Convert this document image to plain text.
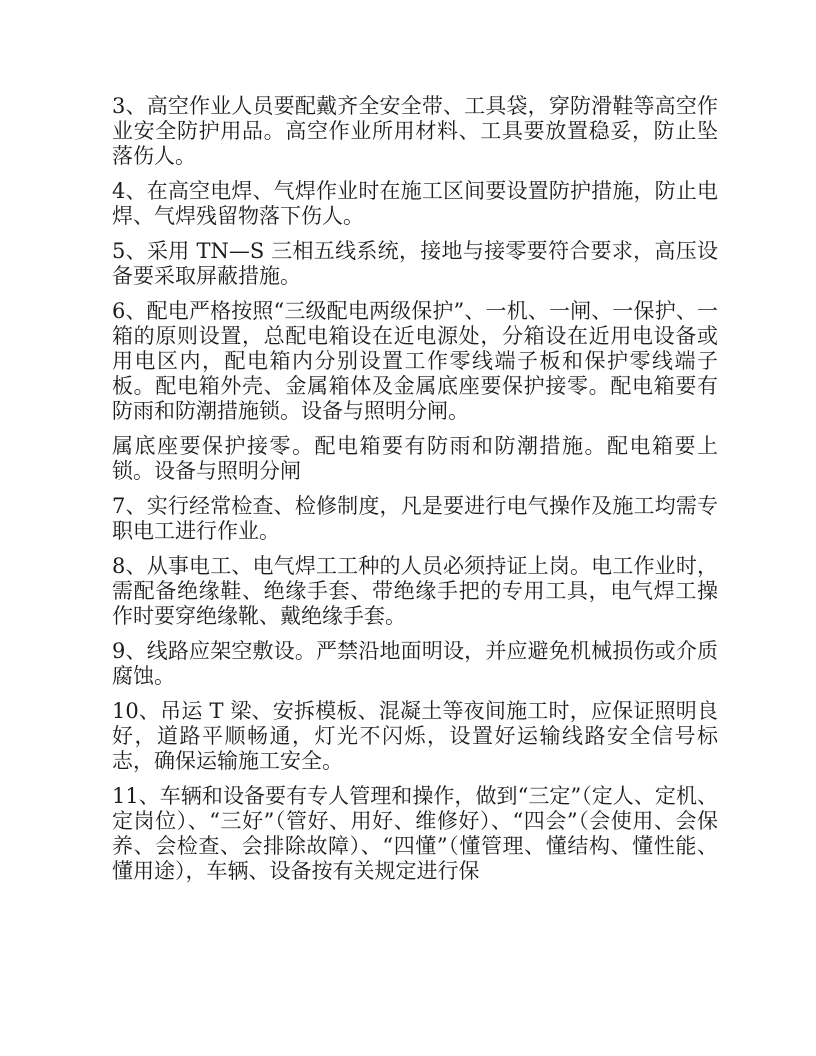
3、高空作业人员要配戴齐全安全带、工具袋，穿防滑鞋等高空作业安全防护用品。高空作业所用材料、工具要放置稳妥，防止坠落伤人。

4、在高空电焊、气焊作业时在施工区间要设置防护措施，防止电焊、气焊残留物落下伤人。

5、采用 TN—S 三相五线系统，接地与接零要符合要求，高压设备要采取屏蔽措施。

6、配电严格按照“三级配电两级保护”、一机、一闸、一保护、一箱的原则设置，总配电箱设在近电源处，分箱设在近用电设备或用电区内，配电箱内分别设置工作零线端子板和保护零线端子板。配电箱外壳、金属箱体及金属底座要保护接零。配电箱要有防雨和防潮措施锁。设备与照明分闸。

属底座要保护接零。配电箱要有防雨和防潮措施。配电箱要上锁。设备与照明分闸

7、实行经常检查、检修制度，凡是要进行电气操作及施工均需专职电工进行作业。

8、从事电工、电气焊工工种的人员必须持证上岗。电工作业时，需配备绝缘鞋、绝缘手套、带绝缘手把的专用工具，电气焊工操作时要穿绝缘靴、戴绝缘手套。

9、线路应架空敷设。严禁沿地面明设，并应避免机械损伤或介质腐蚀。

10、吊运 T 梁、安拆模板、混凝土等夜间施工时，应保证照明良好，道路平顺畅通，灯光不闪烁，设置好运输线路安全信号标志，确保运输施工安全。

11、车辆和设备要有专人管理和操作，做到“三定”（定人、定机、定岗位）、“三好”（管好、用好、维修好）、“四会”（会使用、会保养、会检查、会排除故障）、“四懂”（懂管理、懂结构、懂性能、懂用途），车辆、设备按有关规定进行保
